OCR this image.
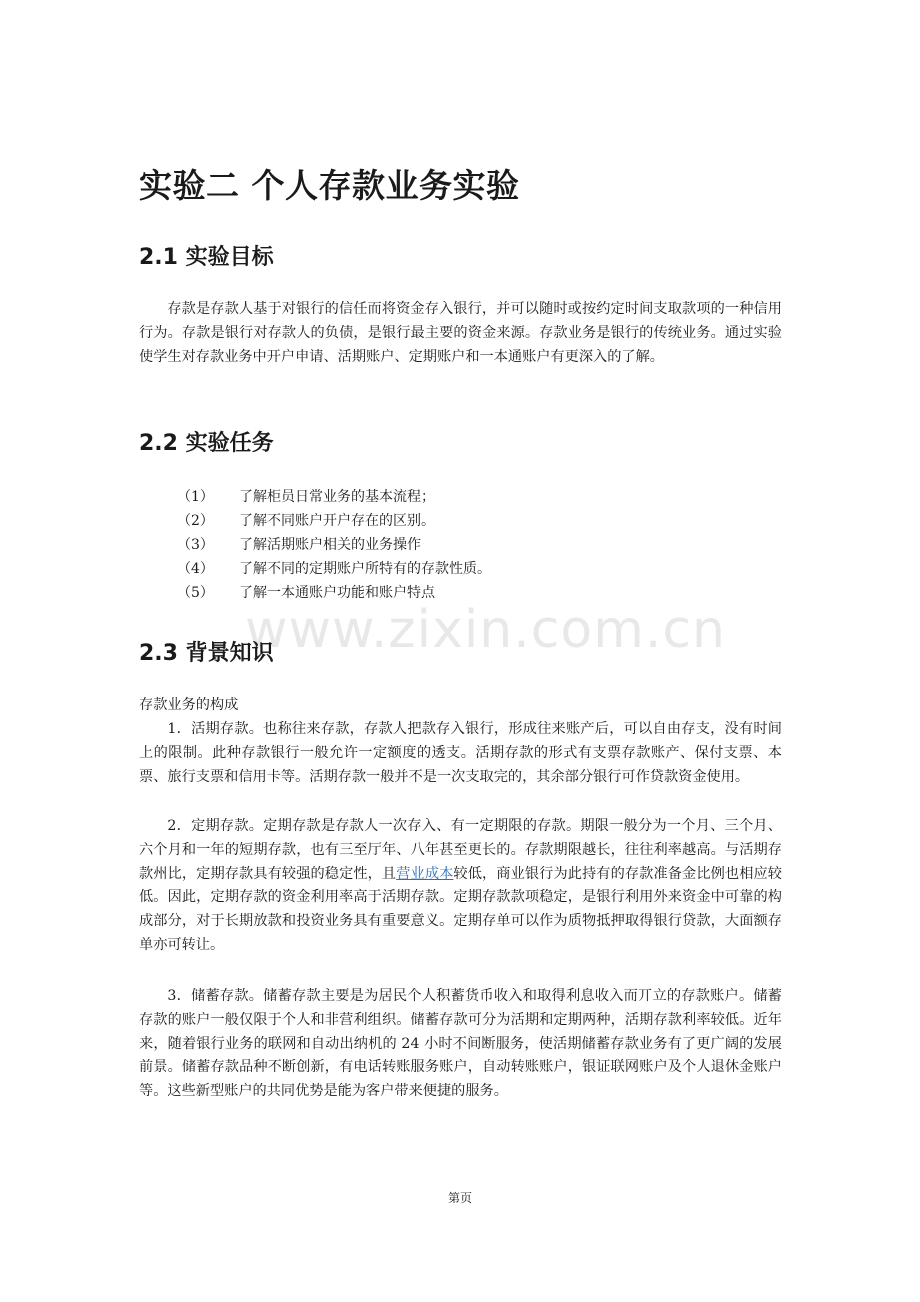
实验二 个人存款业务实验
2.1 实验目标
存款是存款人基于对银行的信任而将资金存入银行，并可以随时或按约定时间支取款项的一种信用行为。存款是银行对存款人的负债，是银行最主要的资金来源。存款业务是银行的传统业务。通过实验使学生对存款业务中开户申请、活期账户、定期账户和一本通账户有更深入的了解。
2.2 实验任务
（1） 了解柜员日常业务的基本流程；
（2） 了解不同账户开户存在的区别。
（3） 了解活期账户相关的业务操作
（4） 了解不同的定期账户所特有的存款性质。
（5） 了解一本通账户功能和账户特点
www.zixin.com.cn
2.3 背景知识
存款业务的构成
1．活期存款。也称往来存款，存款人把款存入银行，形成往来账产后，可以自由存支，没有时间上的限制。此种存款银行一般允许一定额度的透支。活期存款的形式有支票存款账产、保付支票、本票、旅行支票和信用卡等。活期存款一般并不是一次支取完的，其余部分银行可作贷款资金使用。
2．定期存款。定期存款是存款人一次存入、有一定期限的存款。期限一般分为一个月、三个月、六个月和一年的短期存款，也有三至厅年、八年甚至更长的。存款期限越长，往往利率越高。与活期存款州比，定期存款具有较强的稳定性，且营业成本较低，商业银行为此持有的存款准备金比例也相应较低。因此，定期存款的资金利用率高于活期存款。定期存款款项稳定，是银行利用外来资金中可靠的构成部分，对于长期放款和投资业务具有重要意义。定期存单可以作为质物抵押取得银行贷款，大面额存单亦可转让。
3．储蓄存款。储蓄存款主要是为居民个人积蓄货币收入和取得利息收入而丌立的存款账户。储蓄存款的账户一般仅限于个人和非营利组织。储蓄存款可分为活期和定期两种，活期存款利率较低。近年来，随着银行业务的联网和自动出纳机的 24 小时不间断服务，使活期储蓄存款业务有了更广阔的发展前景。储蓄存款品种不断创新，有电话转账服务账户，自动转账账户，银证联网账户及个人退休金账户等。这些新型账户的共同优势是能为客户带来便捷的服务。
第页
